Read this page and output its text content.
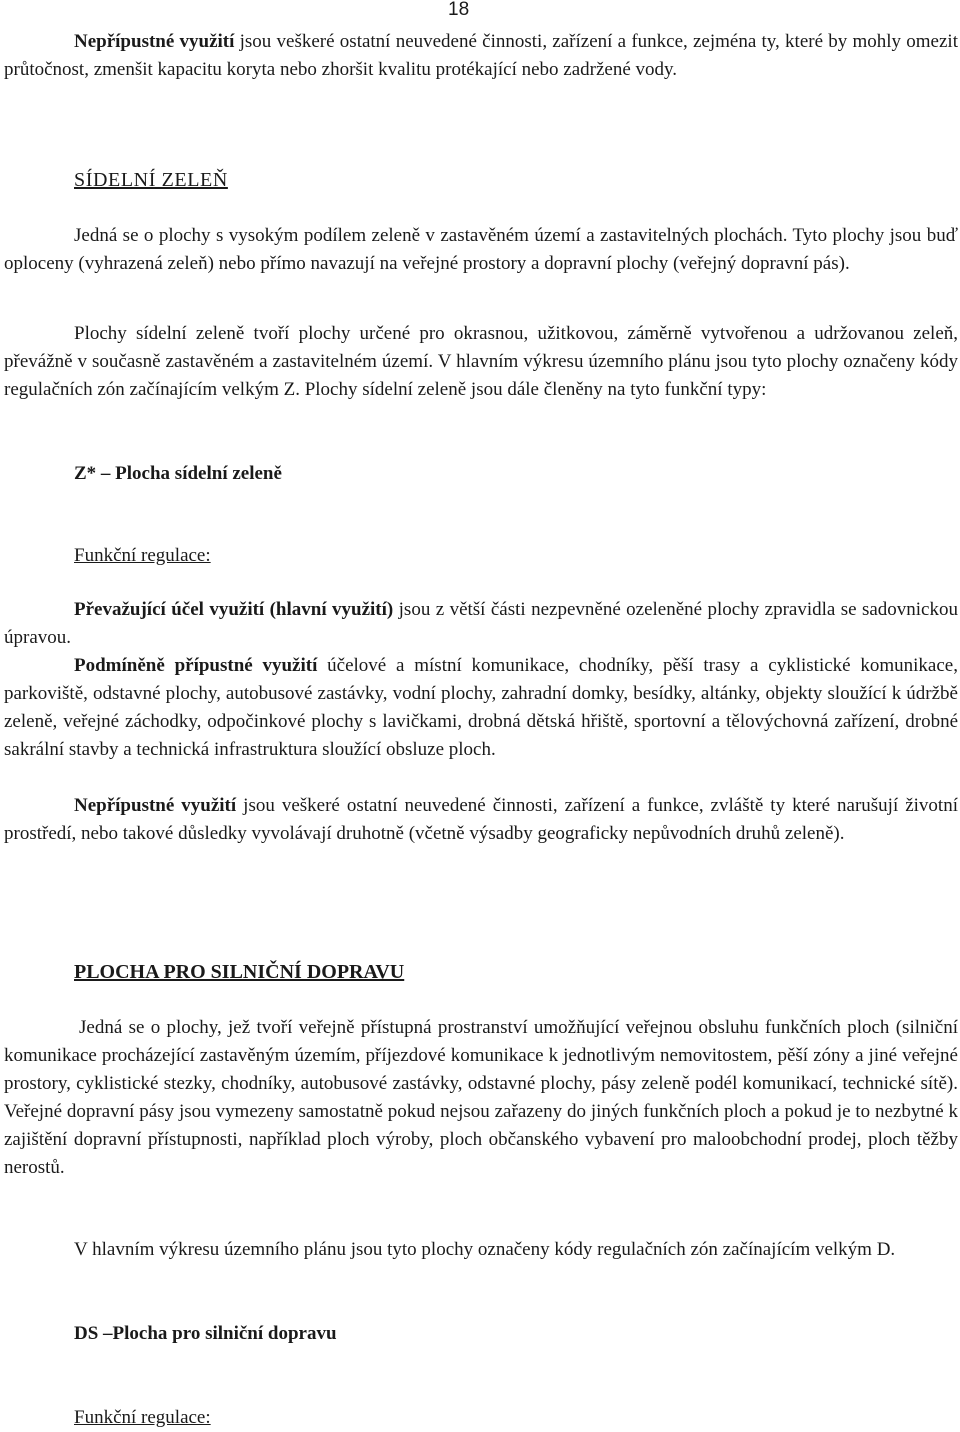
18

Nepřípustné využití jsou veškeré ostatní neuvedené činnosti, zařízení a funkce, zejména ty, které by mohly omezit průtočnost, zmenšit kapacitu koryta nebo zhoršit kvalitu protékající nebo zadržené vody.

SÍDELNÍ ZELEŇ

Jedná se o plochy s vysokým podílem zeleně v zastavěném území a zastavitelných plochách. Tyto plochy jsou buď oploceny (vyhrazená zeleň) nebo přímo navazují na veřejné prostory a dopravní plochy (veřejný dopravní pás).

Plochy sídelní zeleně tvoří plochy určené pro okrasnou, užitkovou, záměrně vytvořenou a udržovanou zeleň, převážně v současně zastavěném a zastavitelném území. V hlavním výkresu územního plánu jsou tyto plochy označeny kódy regulačních zón začínajícím velkým Z. Plochy sídelní zeleně jsou dále členěny na tyto funkční typy:

Z* – Plocha sídelní zeleně
Funkční regulace:

Převažující účel využití (hlavní využití) jsou z větší části nezpevněné ozeleněné plochy zpravidla se sadovnickou úpravou.

Podmíněně přípustné využití účelové a místní komunikace, chodníky, pěší trasy a cyklistické komunikace, parkoviště, odstavné plochy, autobusové zastávky, vodní plochy, zahradní domky, besídky, altánky, objekty sloužící k údržbě zeleně, veřejné záchodky, odpočinkové plochy s lavičkami, drobná dětská hřiště, sportovní a tělovýchovná zařízení, drobné sakrální stavby a technická infrastruktura sloužící obsluze ploch.

Nepřípustné využití jsou veškeré ostatní neuvedené činnosti, zařízení a funkce, zvláště ty které narušují životní prostředí, nebo takové důsledky vyvolávají druhotně (včetně výsadby geograficky nepůvodních druhů zeleně).

PLOCHA PRO SILNIČNÍ DOPRAVU

Jedná se o plochy, jež tvoří veřejně přístupná prostranství umožňující veřejnou obsluhu funkčních ploch (silniční komunikace procházející zastavěným územím, příjezdové komunikace k jednotlivým nemovitostem, pěší zóny a jiné veřejné prostory, cyklistické stezky, chodníky, autobusové zastávky, odstavné plochy, pásy zeleně podél komunikací, technické sítě). Veřejné dopravní pásy jsou vymezeny samostatně pokud nejsou zařazeny do jiných funkčních ploch a pokud je to nezbytné k zajištění dopravní přístupnosti, například ploch výroby, ploch občanského vybavení pro maloobchodní prodej, ploch těžby nerostů.

V hlavním výkresu územního plánu jsou tyto plochy označeny kódy regulačních zón začínajícím velkým D.

DS –Plocha pro silniční dopravu
Funkční regulace:
